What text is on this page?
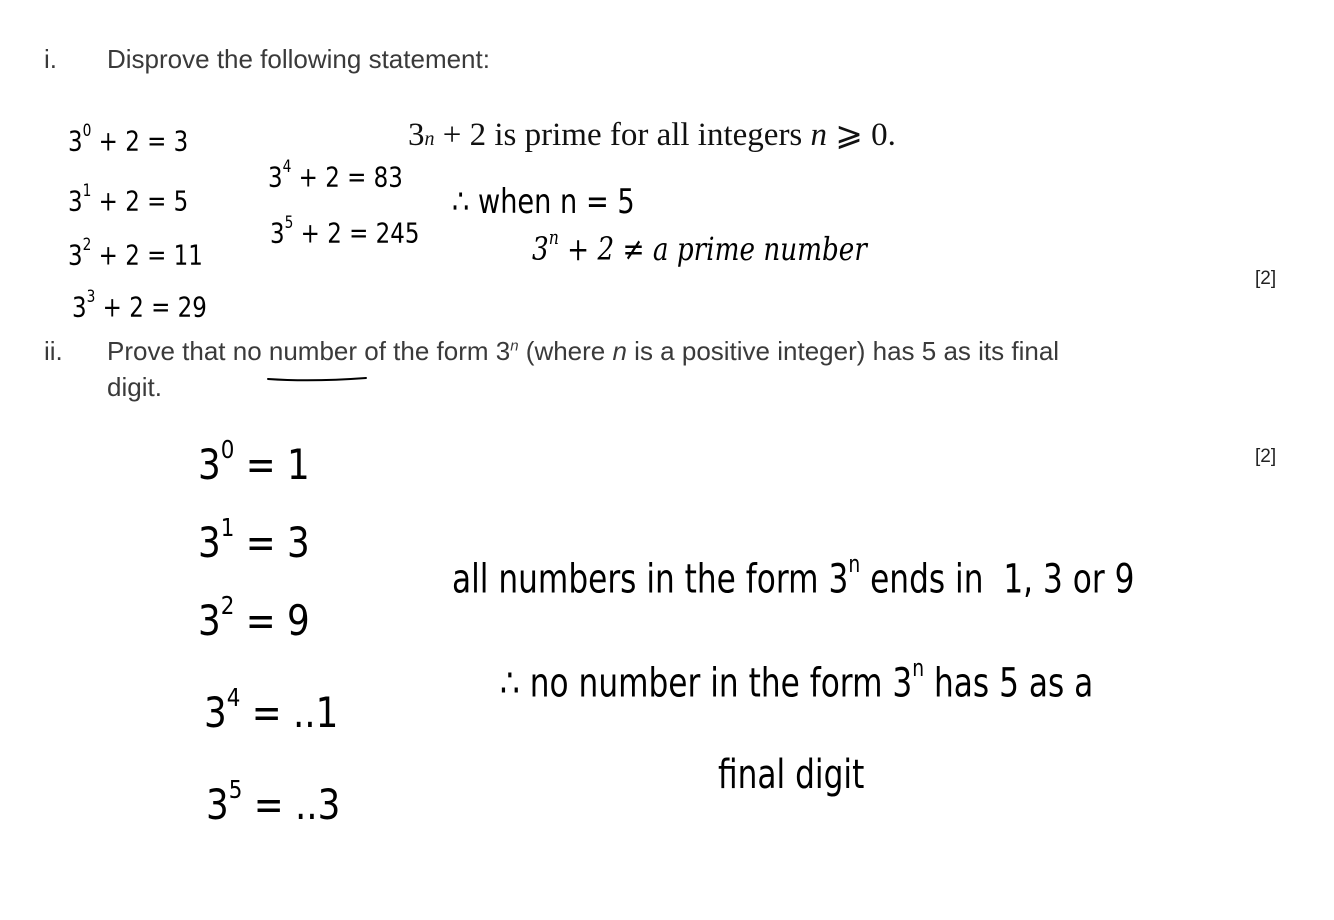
i. Disprove the following statement:
3 n + 2 is prime for all integers n ⩾ 0.
[2]
ii. Prove that no number of the form 3$^n$ (where n is a positive integer) has 5 as its final
digit.
[2]
$3^0 + 2 = 3$
$3^1 + 2 = 5$
$3^2 + 2 = 11$
$3^3 + 2 = 29$
$3^4 + 2 = 83$
$3^5 + 2 = 245$
∴ when n = 5
$3^n + 2 \ne a$ prime number
$3^0 = 1$
$3^1 = 3$
$3^2 = 9$
$3^4 = ..1$
$3^5 = ..3$
all numbers in the form 3$^n$ ends in  1, 3 or 9
∴ no number in the form 3$^n$ has 5 as a
final digit
